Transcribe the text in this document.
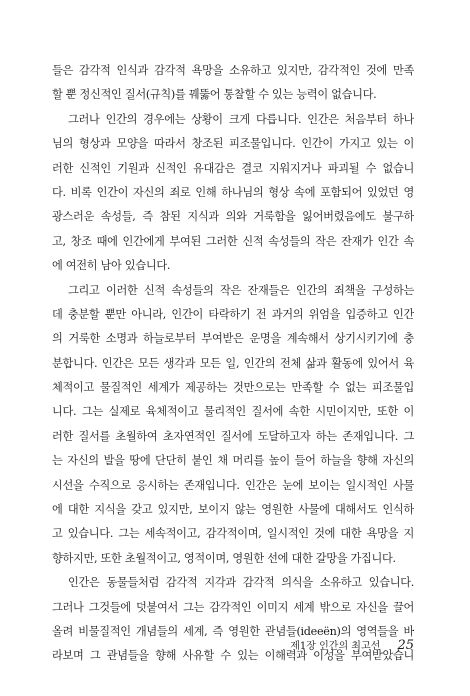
들은 감각적 인식과 감각적 욕망을 소유하고 있지만, 감각적인 것에 만족
할 뿐 정신적인 질서(규칙)를 꿰뚫어 통찰할 수 있는 능력이 없습니다.
그러나 인간의 경우에는 상황이 크게 다릅니다. 인간은 처음부터 하나
님의 형상과 모양을 따라서 창조된 피조물입니다. 인간이 가지고 있는 이
러한 신적인 기원과 신적인 유대감은 결코 지워지거나 파괴될 수 없습니
다. 비록 인간이 자신의 죄로 인해 하나님의 형상 속에 포함되어 있었던 영
광스러운 속성들, 즉 참된 지식과 의와 거룩함을 잃어버렸음에도 불구하
고, 창조 때에 인간에게 부여된 그러한 신적 속성들의 작은 잔재가 인간 속
에 여전히 남아 있습니다.
그리고 이러한 신적 속성들의 작은 잔재들은 인간의 죄책을 구성하는
데 충분할 뿐만 아니라, 인간이 타락하기 전 과거의 위엄을 입증하고 인간
의 거룩한 소명과 하늘로부터 부여받은 운명을 계속해서 상기시키기에 충
분합니다. 인간은 모든 생각과 모든 일, 인간의 전체 삶과 활동에 있어서 육
체적이고 물질적인 세계가 제공하는 것만으로는 만족할 수 없는 피조물입
니다. 그는 실제로 육체적이고 물리적인 질서에 속한 시민이지만, 또한 이
러한 질서를 초월하여 초자연적인 질서에 도달하고자 하는 존재입니다. 그
는 자신의 발을 땅에 단단히 붙인 채 머리를 높이 들어 하늘을 향해 자신의
시선을 수직으로 응시하는 존재입니다. 인간은 눈에 보이는 일시적인 사물
에 대한 지식을 갖고 있지만, 보이지 않는 영원한 사물에 대해서도 인식하
고 있습니다. 그는 세속적이고, 감각적이며, 일시적인 것에 대한 욕망을 지
향하지만, 또한 초월적이고, 영적이며, 영원한 선에 대한 갈망을 가집니다.
인간은 동물들처럼 감각적 지각과 감각적 의식을 소유하고 있습니다.
그러나 그것들에 덧붙여서 그는 감각적인 이미지 세계 밖으로 자신을 끌어
올려 비물질적인 개념들의 세계, 즉 영원한 관념들(ideeën)의 영역들을 바
라보며 그 관념들을 향해 사유할 수 있는 이해력과 이성을 부여받았습니
제1장 인간의 최고선 25
